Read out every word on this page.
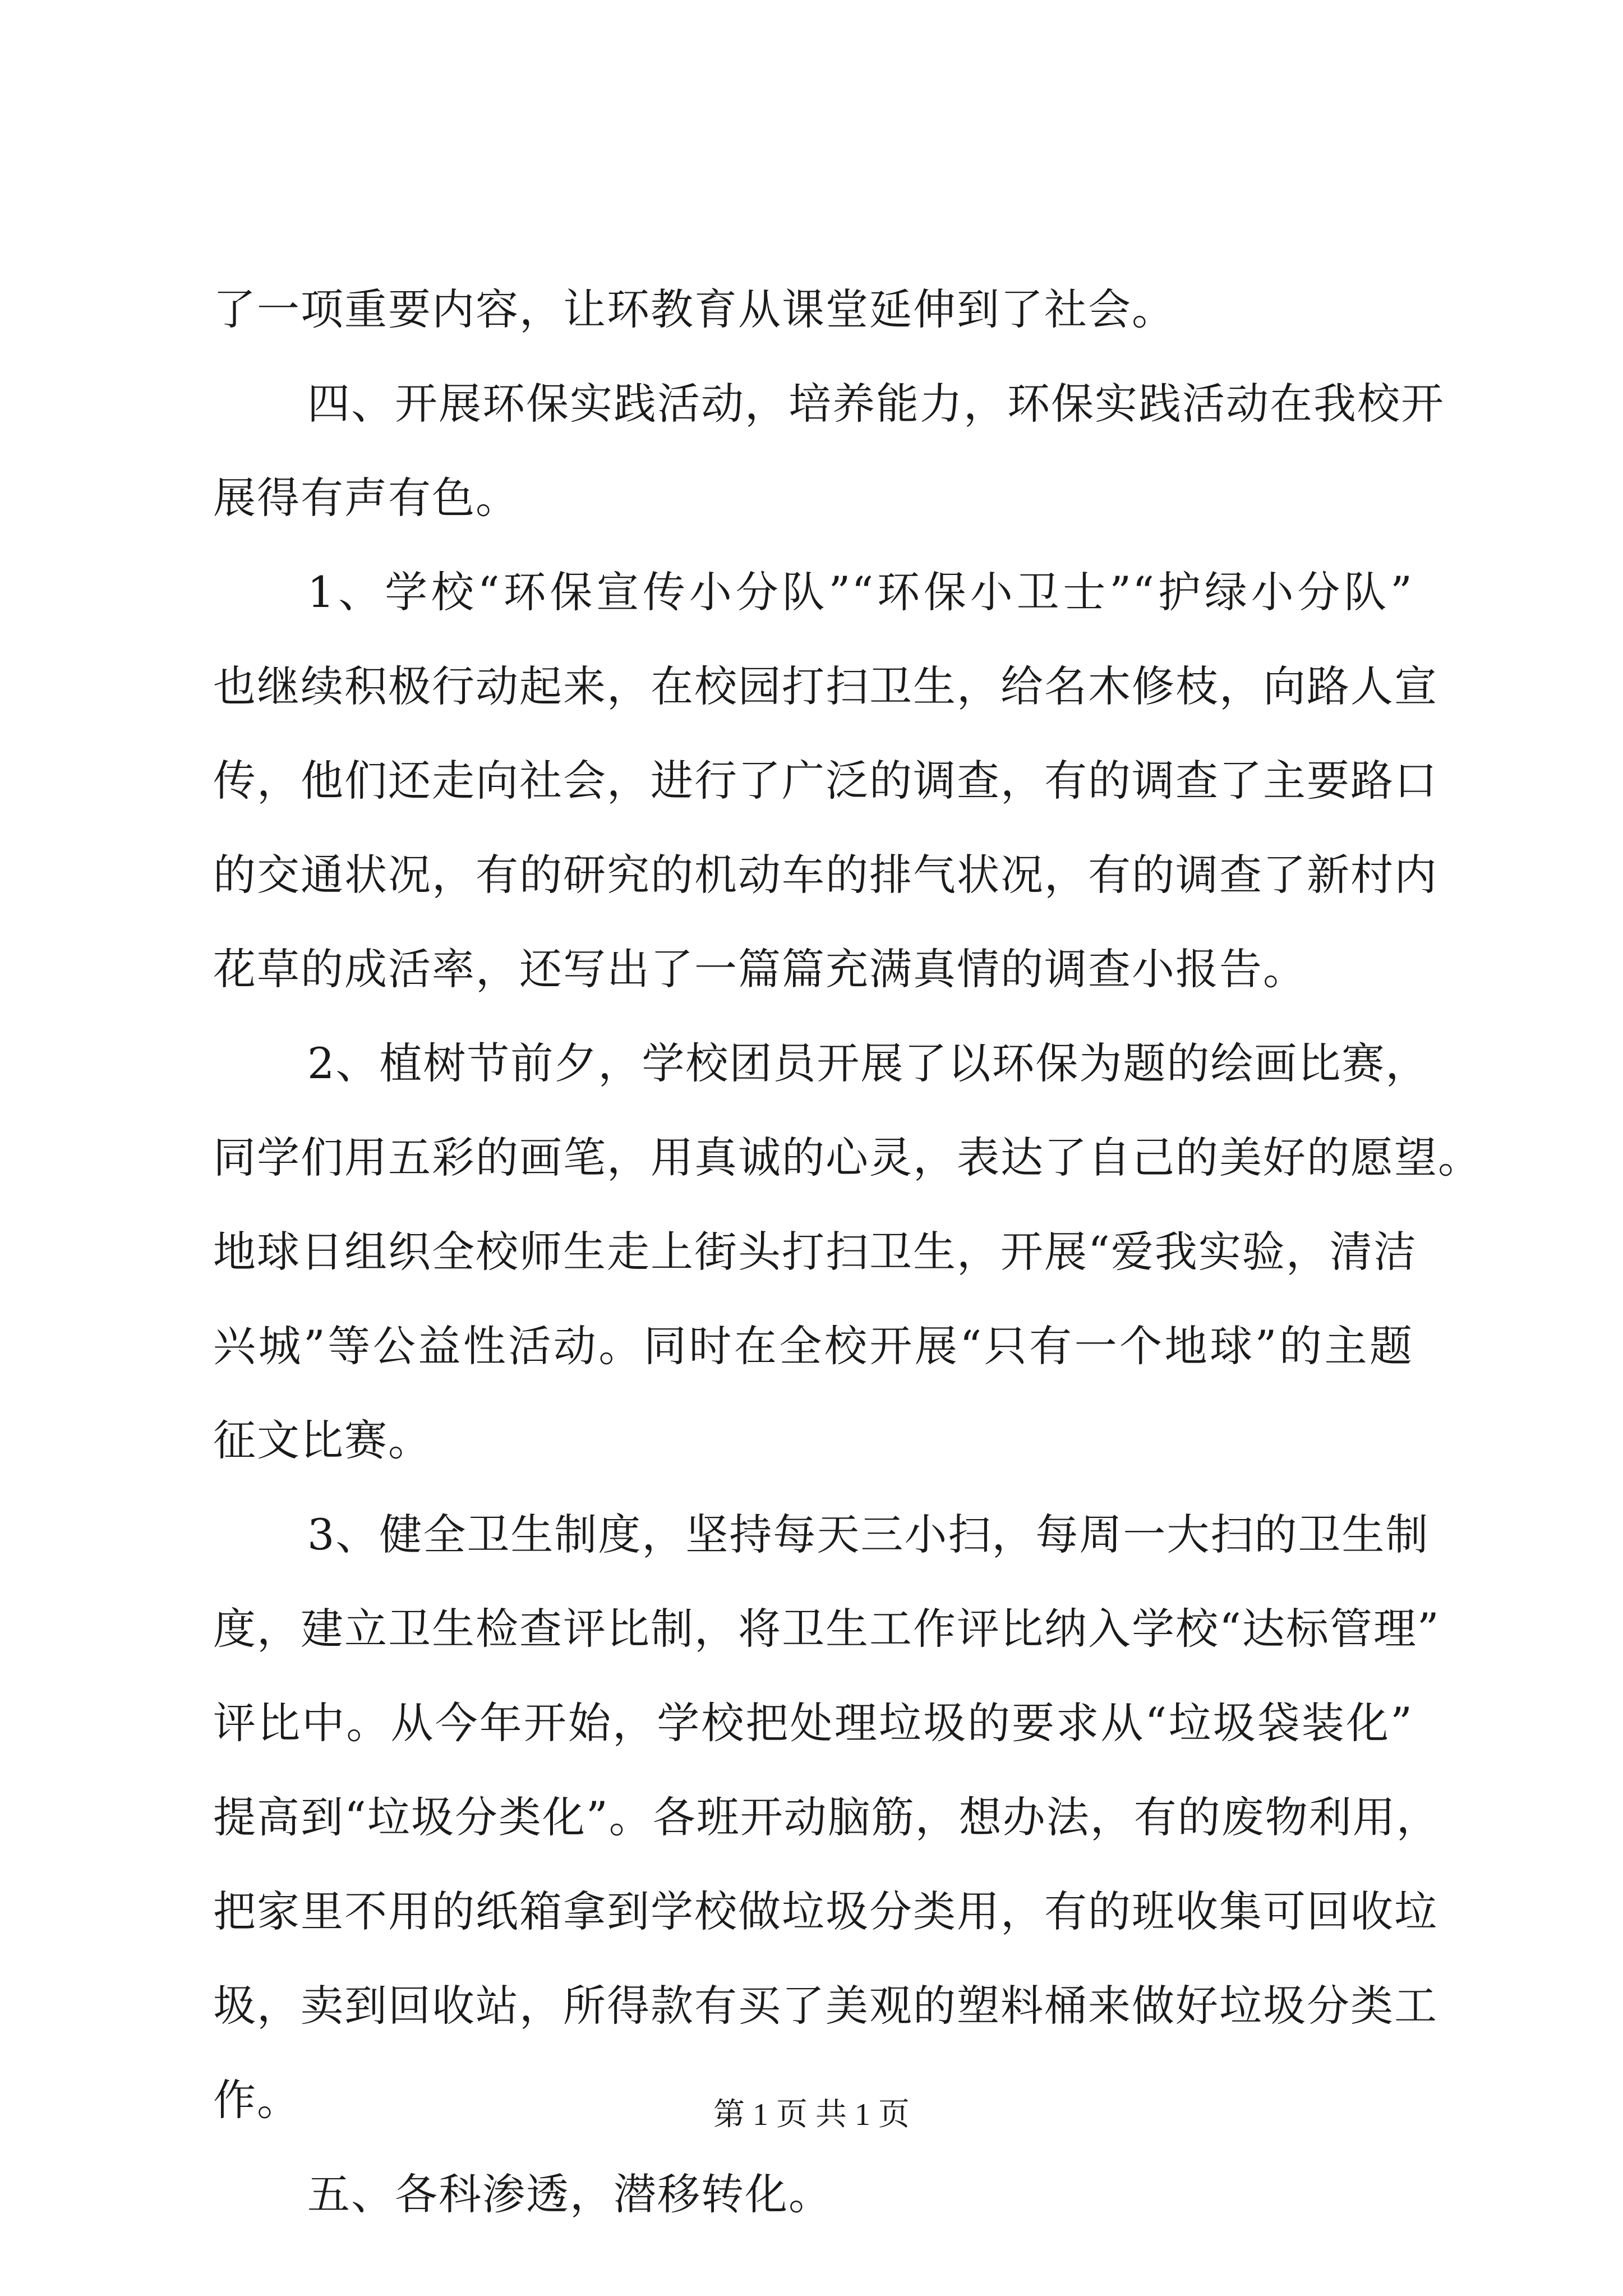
了一项重要内容，让环教育从课堂延伸到了社会。
四、开展环保实践活动，培养能力，环保实践活动在我校开
展得有声有色。
1、学校“环保宣传小分队”“环保小卫士”“护绿小分队”
也继续积极行动起来，在校园打扫卫生，给名木修枝，向路人宣
传，他们还走向社会，进行了广泛的调查，有的调查了主要路口
的交通状况，有的研究的机动车的排气状况，有的调查了新村内
花草的成活率，还写出了一篇篇充满真情的调查小报告。
2、植树节前夕，学校团员开展了以环保为题的绘画比赛，
同学们用五彩的画笔，用真诚的心灵，表达了自己的美好的愿望。
地球日组织全校师生走上街头打扫卫生，开展“爱我实验，清洁
兴城”等公益性活动。同时在全校开展“只有一个地球”的主题
征文比赛。
3、健全卫生制度，坚持每天三小扫，每周一大扫的卫生制
度，建立卫生检查评比制，将卫生工作评比纳入学校“达标管理”
评比中。从今年开始，学校把处理垃圾的要求从“垃圾袋装化”
提高到“垃圾分类化”。各班开动脑筋，想办法，有的废物利用，
把家里不用的纸箱拿到学校做垃圾分类用，有的班收集可回收垃
圾，卖到回收站，所得款有买了美观的塑料桶来做好垃圾分类工
作。
五、各科渗透，潜移转化。
第 1 页 共 1 页
